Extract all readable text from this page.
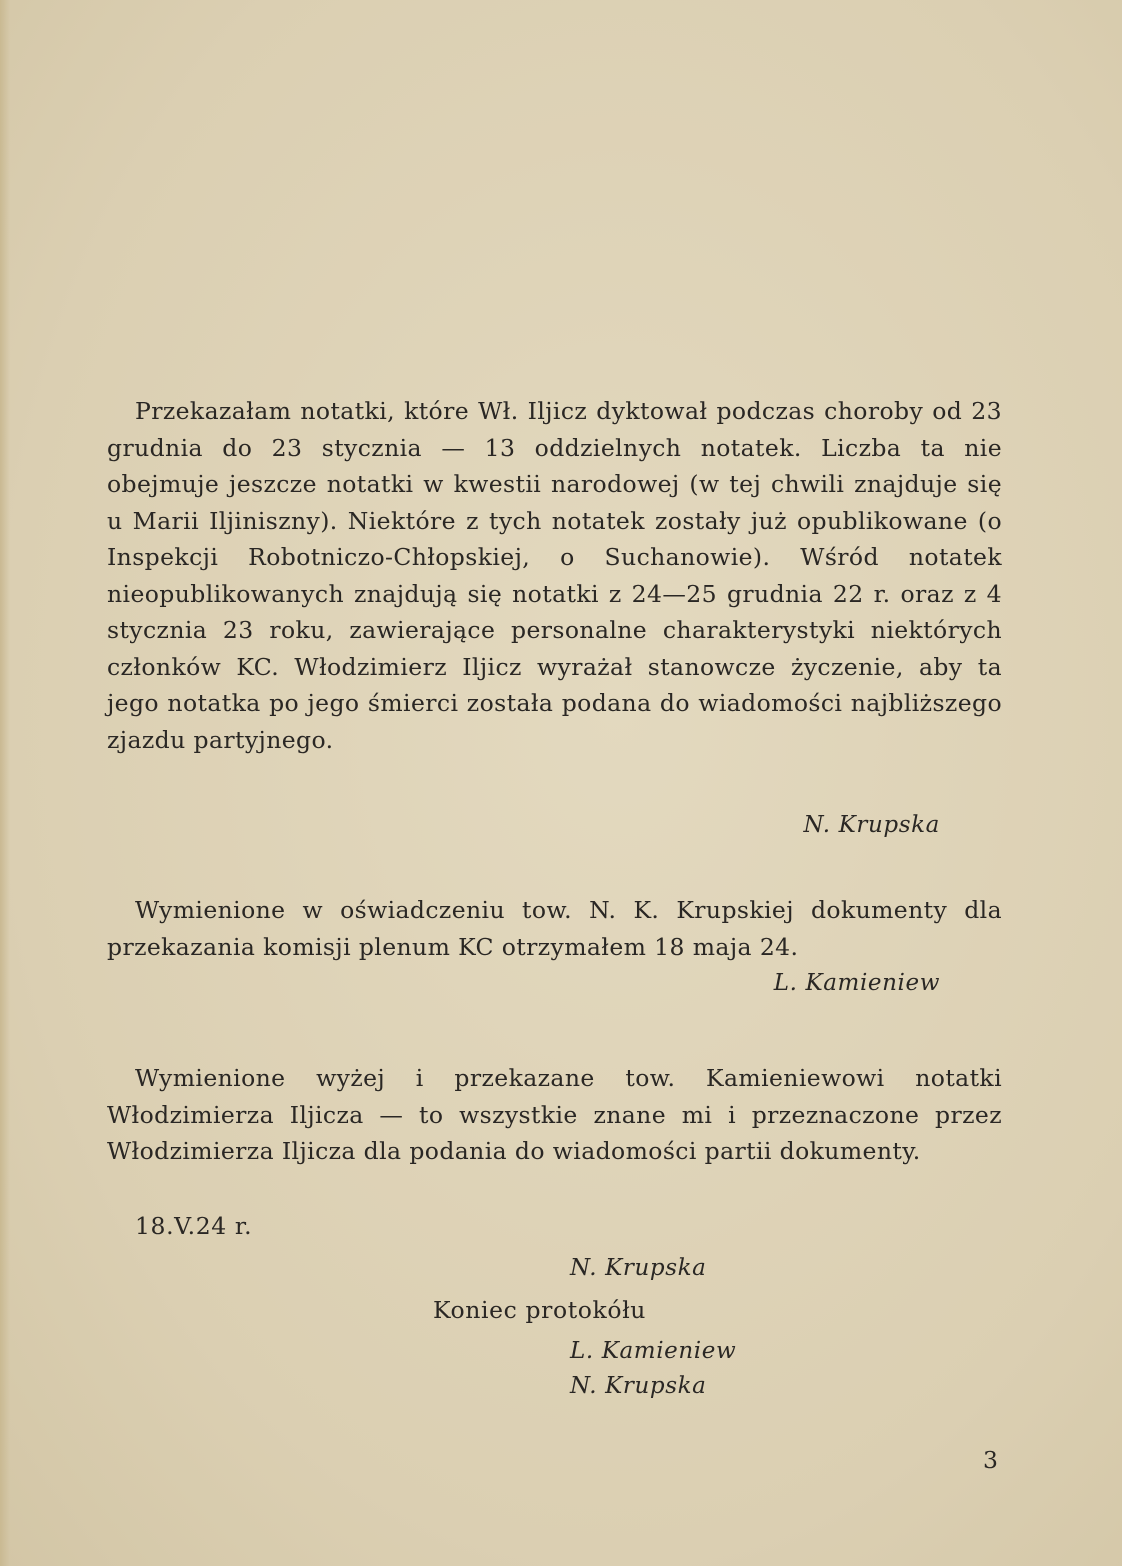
Przekazałam notatki, które Wł. Iljicz dyktował podczas choroby od 23 grudnia do 23 stycznia — 13 oddzielnych notatek. Liczba ta nie obejmuje jeszcze notatki w kwestii narodowej (w tej chwili znajduje się u Marii Iljiniszny). Niektóre z tych notatek zostały już opublikowane (o Inspekcji Robotniczo-Chłopskiej, o Suchanowie). Wśród notatek nieopublikowanych znajdują się notatki z 24—25 grudnia 22 r. oraz z 4 stycznia 23 roku, zawierające personalne charakterystyki niektórych członków KC. Włodzimierz Iljicz wyrażał stanowcze życzenie, aby ta jego notatka po jego śmierci została podana do wiadomości najbliższego zjazdu partyjnego.

N. Krupska

Wymienione w oświadczeniu tow. N. K. Krupskiej dokumenty dla przekazania komisji plenum KC otrzymałem 18 maja 24.

L. Kamieniew

Wymienione wyżej i przekazane tow. Kamieniewowi notatki Włodzimierza Iljicza — to wszystkie znane mi i przeznaczone przez Włodzimierza Iljicza dla podania do wiadomości partii dokumenty.

18.V.24 r.
N. Krupska
Koniec protokółu
L. Kamieniew
N. Krupska
3
